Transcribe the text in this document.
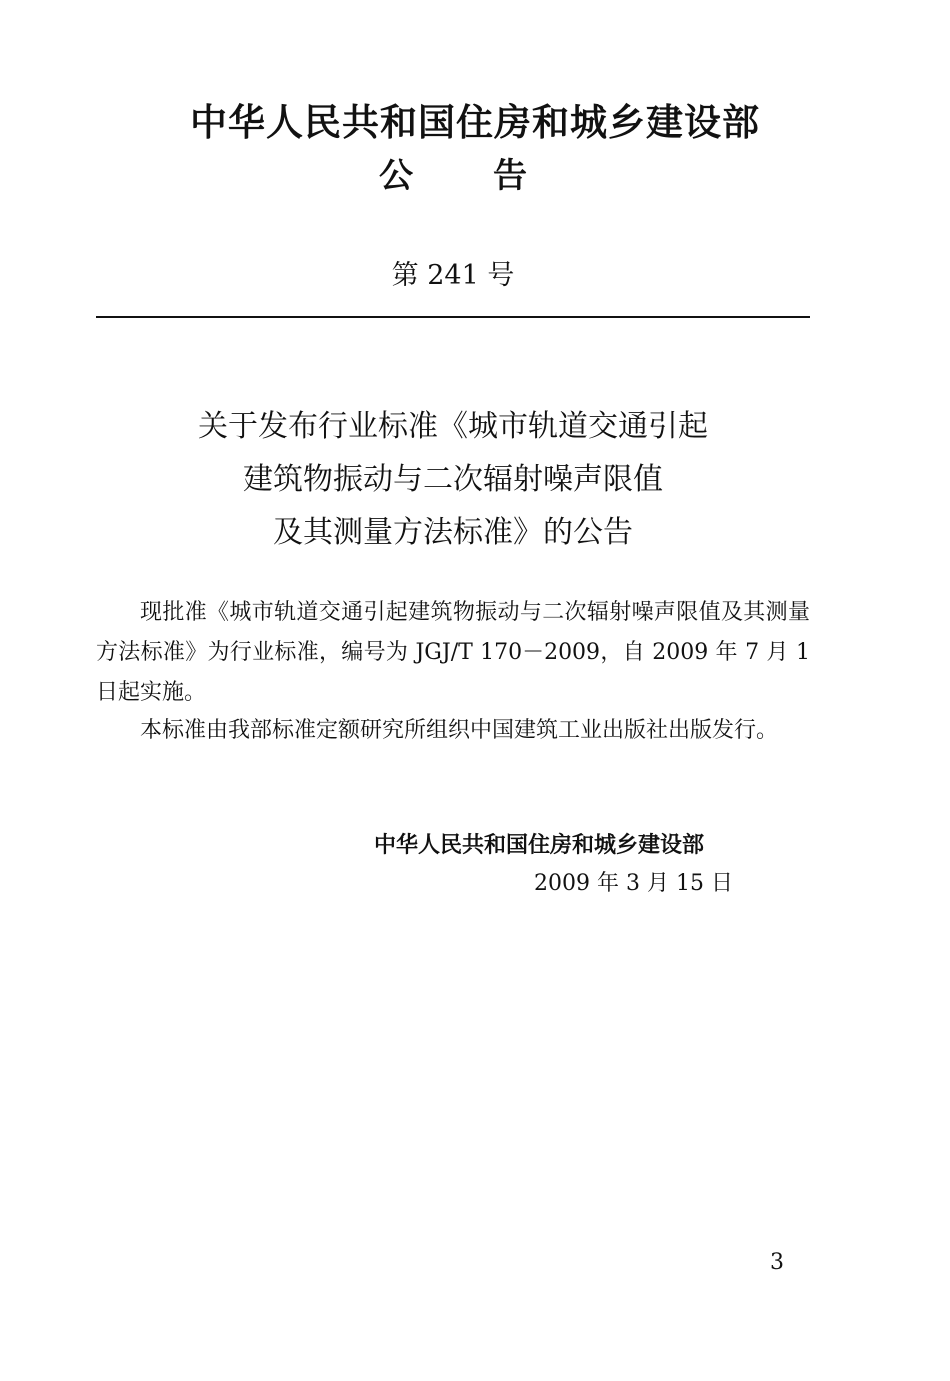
中华人民共和国住房和城乡建设部
公 告
第 241 号
关于发布行业标准《城市轨道交通引起
建筑物振动与二次辐射噪声限值
及其测量方法标准》的公告
现批准《城市轨道交通引起建筑物振动与二次辐射噪声限值及其测量方法标准》为行业标准，编号为 JGJ/T 170－2009，自 2009 年 7 月 1 日起实施。
本标准由我部标准定额研究所组织中国建筑工业出版社出版发行。
中华人民共和国住房和城乡建设部
2009 年 3 月 15 日
3
